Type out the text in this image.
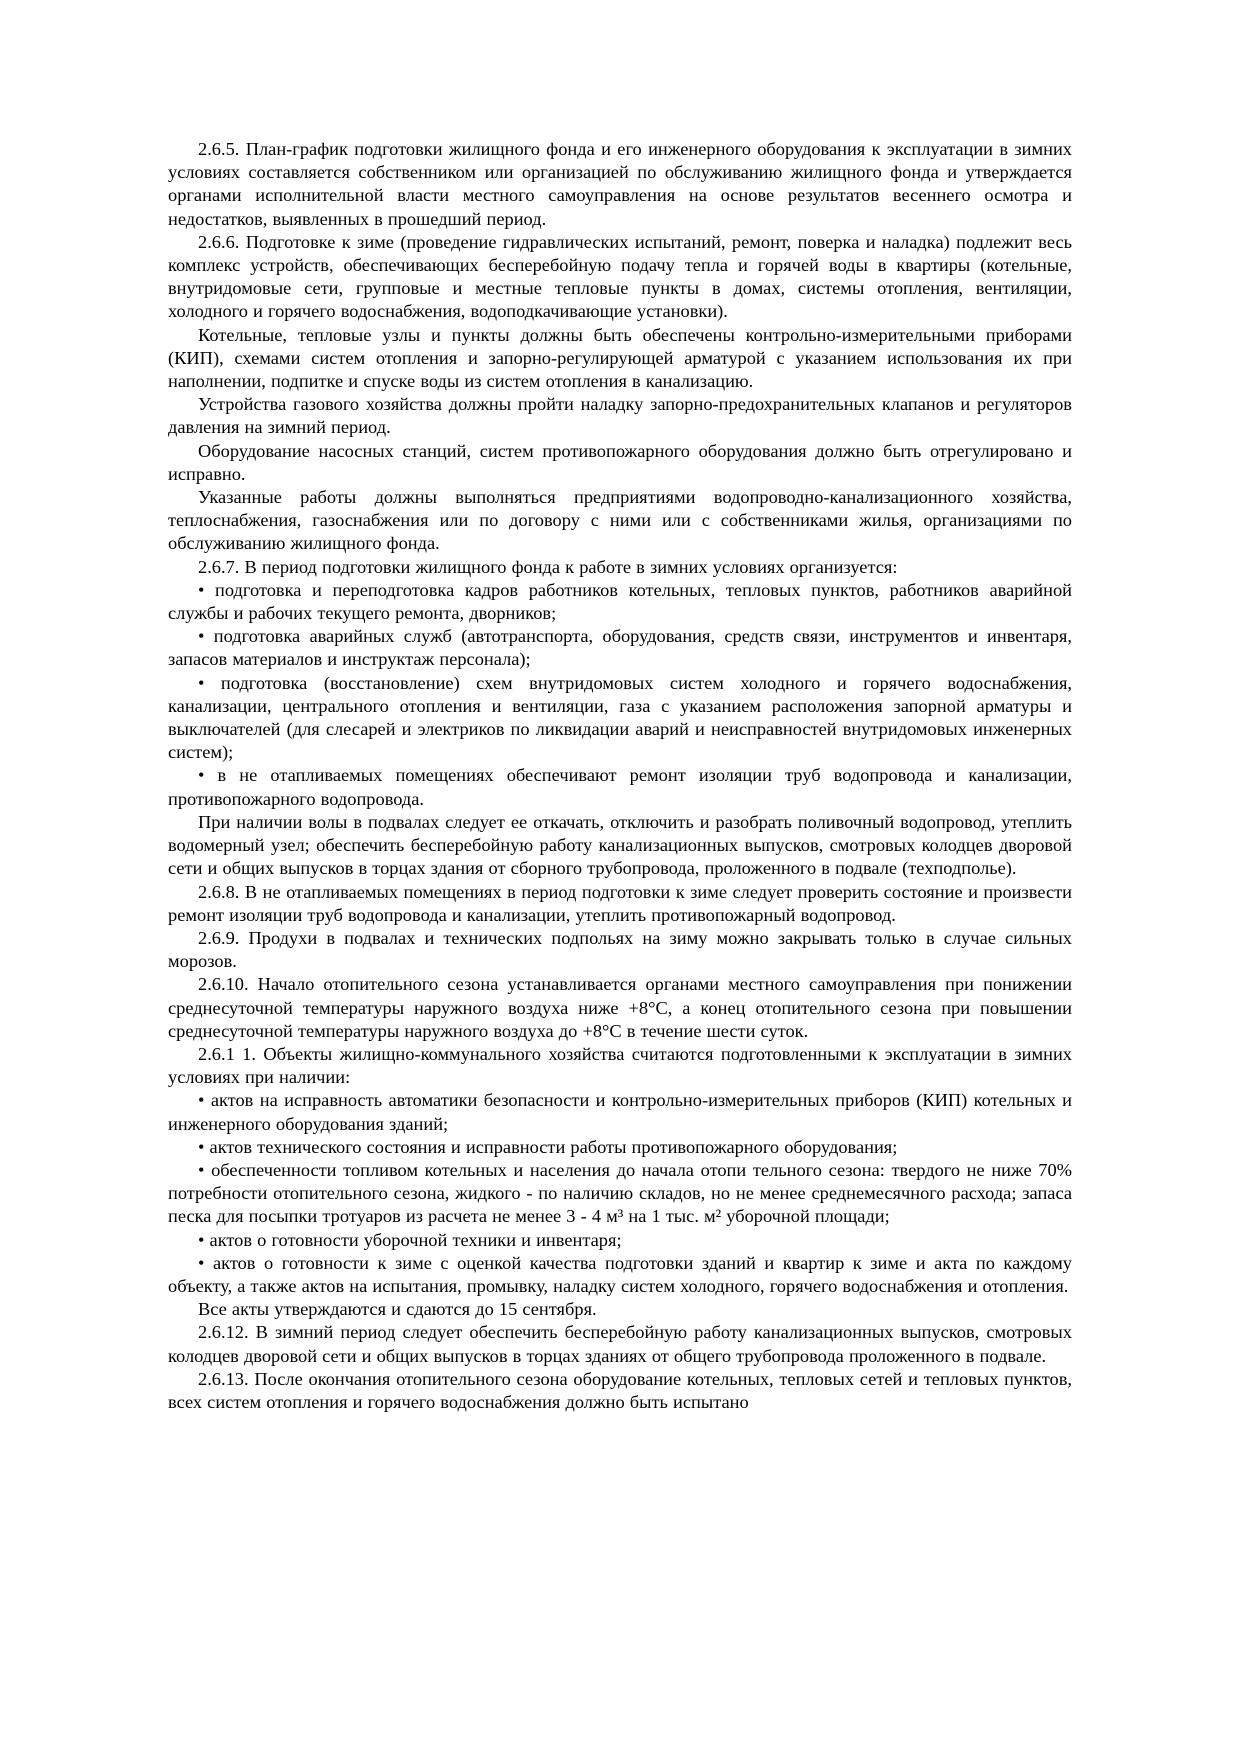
2.6.5. План-график подготовки жилищного фонда и его инженерного оборудования к эксплуатации в зимних условиях составляется собственником или организацией по обслуживанию жилищного фонда и утверждается органами исполнительной власти местного самоуправления на основе результатов весеннего осмотра и недостатков, выявленных в прошедший период.

2.6.6. Подготовке к зиме (проведение гидравлических испытаний, ремонт, поверка и наладка) подлежит весь комплекс устройств, обеспечивающих бесперебойную подачу тепла и горячей воды в квартиры (котельные, внутридомовые сети, групповые и местные тепловые пункты в домах, системы отопления, вентиляции, холодного и горячего водоснабжения, водоподкачивающие установки).

Котельные, тепловые узлы и пункты должны быть обеспечены контрольно-измерительными приборами (КИП), схемами систем отопления и запорно-регулирующей арматурой с указанием использования их при наполнении, подпитке и спуске воды из систем отопления в канализацию.

Устройства газового хозяйства должны пройти наладку запорно-предохранительных клапанов и регуляторов давления на зимний период.

Оборудование насосных станций, систем противопожарного оборудования должно быть отрегулировано и исправно.

Указанные работы должны выполняться предприятиями водопроводно-канализационного хозяйства, теплоснабжения, газоснабжения или по договору с ними или с собственниками жилья, организациями по обслуживанию жилищного фонда.

2.6.7. В период подготовки жилищного фонда к работе в зимних условиях организуется:

• подготовка и переподготовка кадров работников котельных, тепловых пунктов, работников аварийной службы и рабочих текущего ремонта, дворников;

• подготовка аварийных служб (автотранспорта, оборудования, средств связи, инструментов и инвентаря, запасов материалов и инструктаж персонала);

• подготовка (восстановление) схем внутридомовых систем холодного и горячего водоснабжения, канализации, центрального отопления и вентиляции, газа с указанием расположения запорной арматуры и выключателей (для слесарей и электриков по ликвидации аварий и неисправностей внутридомовых инженерных систем);

• в не отапливаемых помещениях обеспечивают ремонт изоляции труб водопровода и канализации, противопожарного водопровода.

При наличии волы в подвалах следует ее откачать, отключить и разобрать поливочный водопровод, утеплить водомерный узел; обеспечить бесперебойную работу канализационных выпусков, смотровых колодцев дворовой сети и общих выпусков в торцах здания от сборного трубопровода, проложенного в подвале (техподполье).

2.6.8. В не отапливаемых помещениях в период подготовки к зиме следует проверить состояние и произвести ремонт изоляции труб водопровода и канализации, утеплить противопожарный водопровод.

2.6.9. Продухи в подвалах и технических подпольях на зиму можно закрывать только в случае сильных морозов.

2.6.10. Начало отопительного сезона устанавливается органами местного самоуправления при понижении среднесуточной температуры наружного воздуха ниже +8°С, а конец отопительного сезона при повышении среднесуточной температуры наружного воздуха до +8°С в течение шести суток.

2.6.1 1. Объекты жилищно-коммунального хозяйства считаются подготовленными к эксплуатации в зимних условиях при наличии:

• актов на исправность автоматики безопасности и контрольно-измерительных приборов (КИП) котельных и инженерного оборудования зданий;

• актов технического состояния и исправности работы противопожарного оборудования;

• обеспеченности топливом котельных и населения до начала отопи тельного сезона: твердого не ниже 70% потребности отопительного сезона, жидкого - по наличию складов, но не менее среднемесячного расхода; запаса песка для посыпки тротуаров из расчета не менее 3 - 4 м³ на 1 тыс. м² уборочной площади;

• актов о готовности уборочной техники и инвентаря;

• актов о готовности к зиме с оценкой качества подготовки зданий и квартир к зиме и акта по каждому объекту, а также актов на испытания, промывку, наладку систем холодного, горячего водоснабжения и отопления.

Все акты утверждаются и сдаются до 15 сентября.

2.6.12. В зимний период следует обеспечить бесперебойную работу канализационных выпусков, смотровых колодцев дворовой сети и общих выпусков в торцах зданиях от общего трубопровода проложенного в подвале.

2.6.13. После окончания отопительного сезона оборудование котельных, тепловых сетей и тепловых пунктов, всех систем отопления и горячего водоснабжения должно быть испытано
